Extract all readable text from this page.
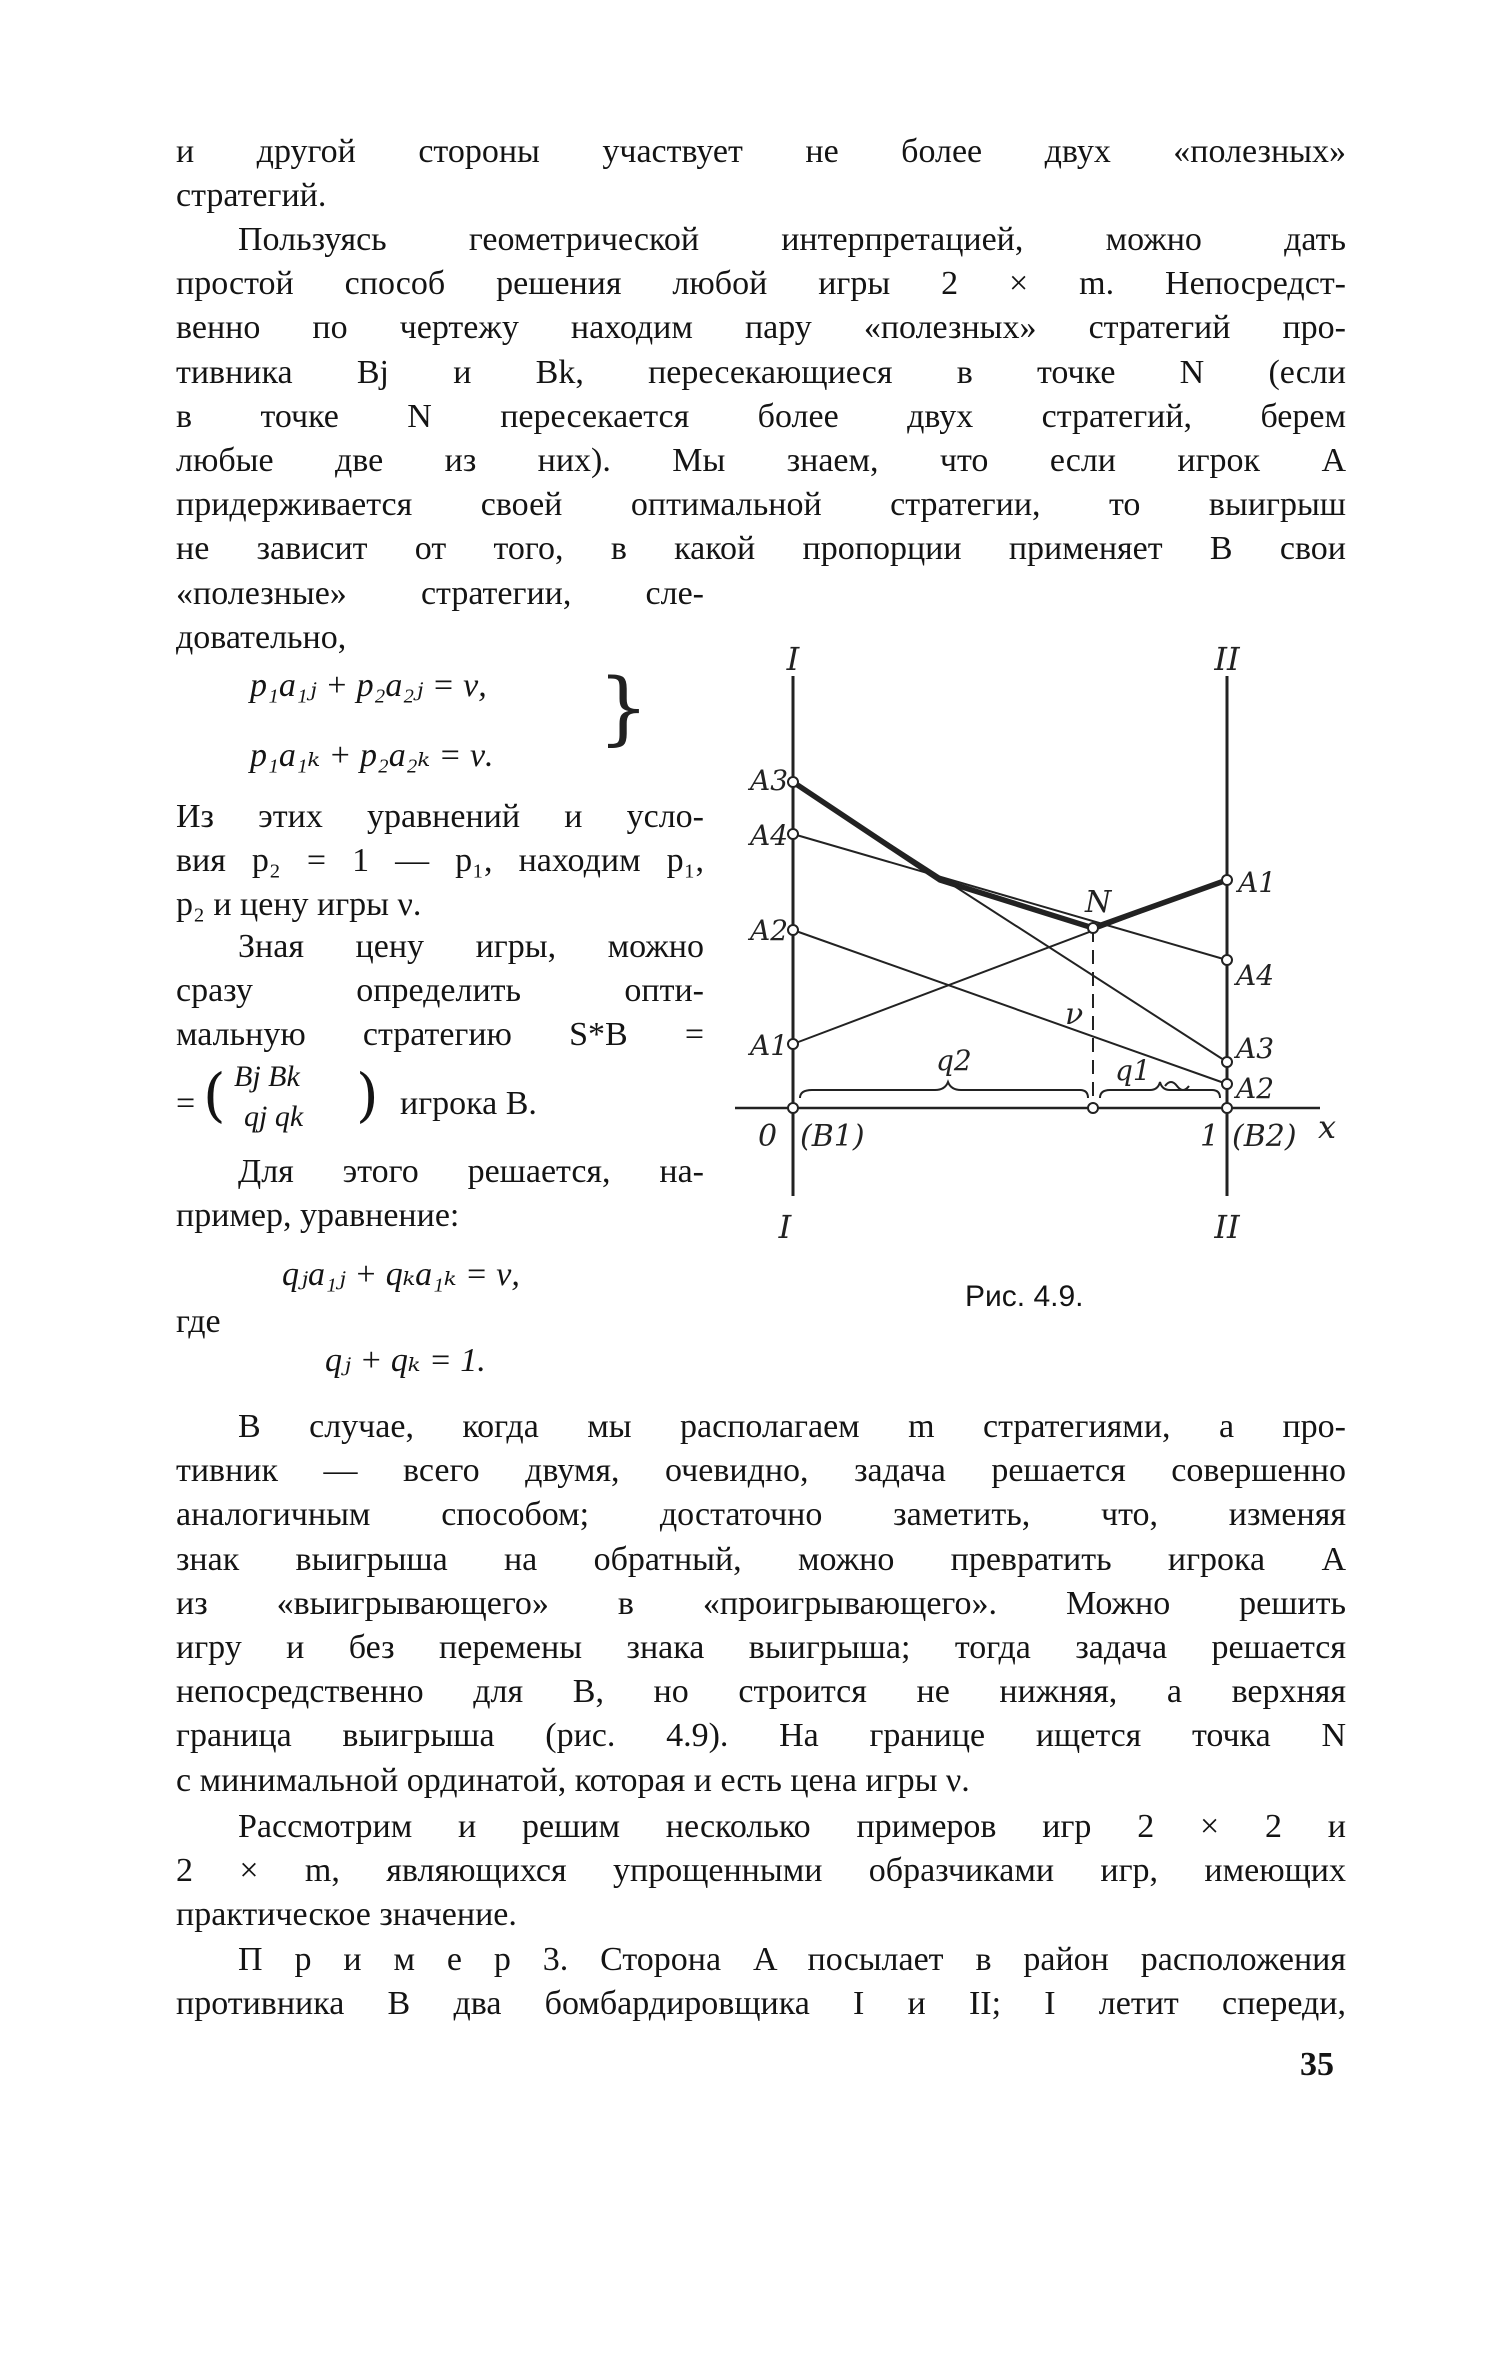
и другой стороны участвует не более двух «полезных»
стратегий.
Пользуясь геометрической интерпретацией, можно дать
простой способ решения любой игры 2 × m. Непосредст-
венно по чертежу находим пару «полезных» стратегий про-
тивника Bj и Bk, пересекающиеся в точке N (если
в точке N пересекается более двух стратегий, берем
любые две из них). Мы знаем, что если игрок A
придерживается своей оптимальной стратегии, то выигрыш
не зависит от того, в какой пропорции применяет B свои
«полезные» стратегии, сле-
довательно,
p₁a₁ⱼ + p₂a₂ⱼ = ν,
p₁a₁ₖ + p₂a₂ₖ = ν.
}
Из этих уравнений и усло-
вия p₂ = 1 — p₁, находим p₁,
p₂ и цену игры ν.
Зная цену игры, можно
сразу определить опти-
мальную стратегию S*B =
= ( Bj Bk
qj qk ) игрока B.
Для этого решается, на-
пример, уравнение:
qⱼa₁ⱼ + qₖa₁ₖ = ν,
где
qⱼ + qₖ = 1.
I	II
I	II
A3
A4
A2
A1
A1
A4
A3
A2
N
ν
q2	q1
0	1
(B1)	(B2) x
Рис. 4.9.
В случае, когда мы располагаем m стратегиями, а про-
тивник — всего двумя, очевидно, задача решается совершенно
аналогичным способом; достаточно заметить, что, изменяя
знак выигрыша на обратный, можно превратить игрока A
из «выигрывающего» в «проигрывающего». Можно решить
игру и без перемены знака выигрыша; тогда задача решается
непосредственно для B, но строится не нижняя, а верхняя
граница выигрыша (рис. 4.9). На границе ищется точка N
с минимальной ординатой, которая и есть цена игры ν.
Рассмотрим и решим несколько примеров игр 2 × 2 и
2 × m, являющихся упрощенными образчиками игр, имеющих
практическое значение.
П р и м е р 3. Сторона A посылает в район расположения
противника B два бомбардировщика I и II; I летит спереди,
35
